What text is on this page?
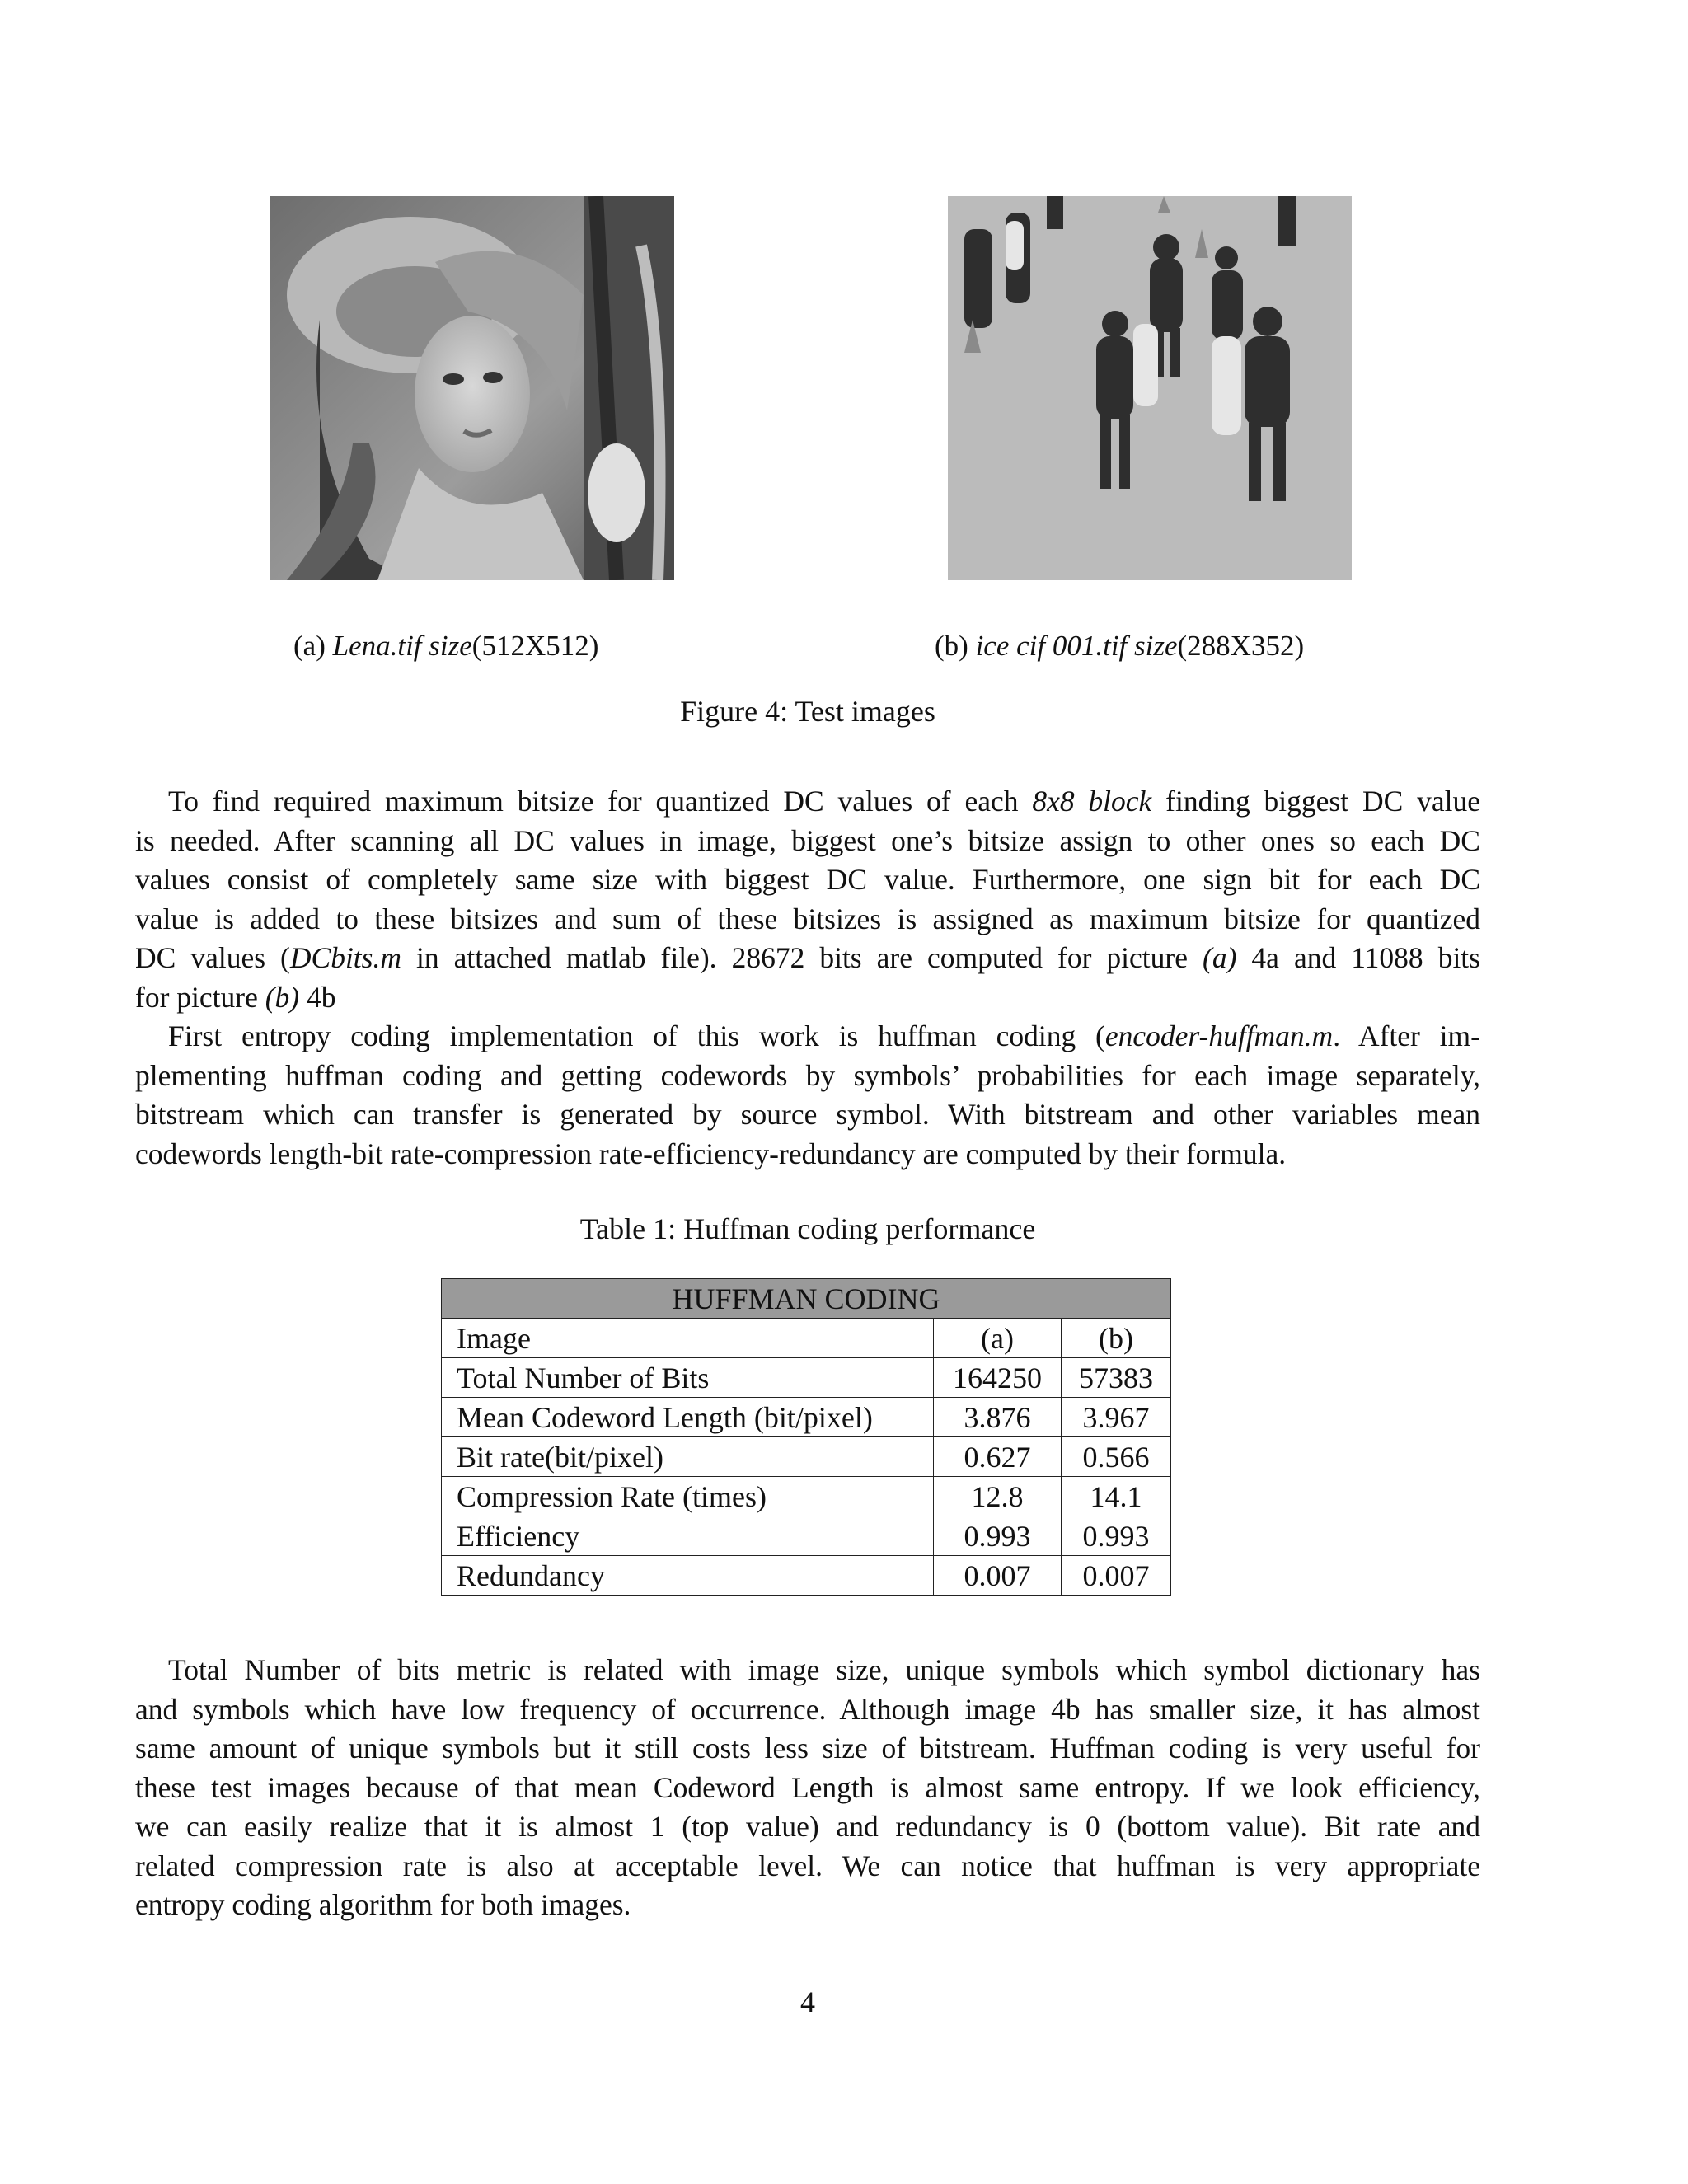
(a) Lena.tif size(512X512)	(b) ice cif 001.tif size(288X352)
Figure 4: Test images
To find required maximum bitsize for quantized DC values of each 8x8 block finding biggest DC value
is needed. After scanning all DC values in image, biggest one’s bitsize assign to other ones so each DC
values consist of completely same size with biggest DC value. Furthermore, one sign bit for each DC
value is added to these bitsizes and sum of these bitsizes is assigned as maximum bitsize for quantized
DC values (DCbits.m in attached matlab file). 28672 bits are computed for picture (a) 4a and 11088 bits
for picture (b) 4b
First entropy coding implementation of this work is huffman coding (encoder-huffman.m. After im-
plementing huffman coding and getting codewords by symbols’ probabilities for each image separately,
bitstream which can transfer is generated by source symbol. With bitstream and other variables mean
codewords length-bit rate-compression rate-efficiency-redundancy are computed by their formula.
Table 1: Huffman coding performance
HUFFMAN CODING		
Image	(a)	(b)
Total Number of Bits	164250	57383
Mean Codeword Length (bit/pixel)	3.876	3.967
Bit rate(bit/pixel)	0.627	0.566
Compression Rate (times)	12.8	14.1
Efficiency	0.993	0.993
Redundancy	0.007	0.007
Total Number of bits metric is related with image size, unique symbols which symbol dictionary has
and symbols which have low frequency of occurrence. Although image 4b has smaller size, it has almost
same amount of unique symbols but it still costs less size of bitstream. Huffman coding is very useful for
these test images because of that mean Codeword Length is almost same entropy. If we look efficiency,
we can easily realize that it is almost 1 (top value) and redundancy is 0 (bottom value). Bit rate and
related compression rate is also at acceptable level. We can notice that huffman is very appropriate
entropy coding algorithm for both images.
4
